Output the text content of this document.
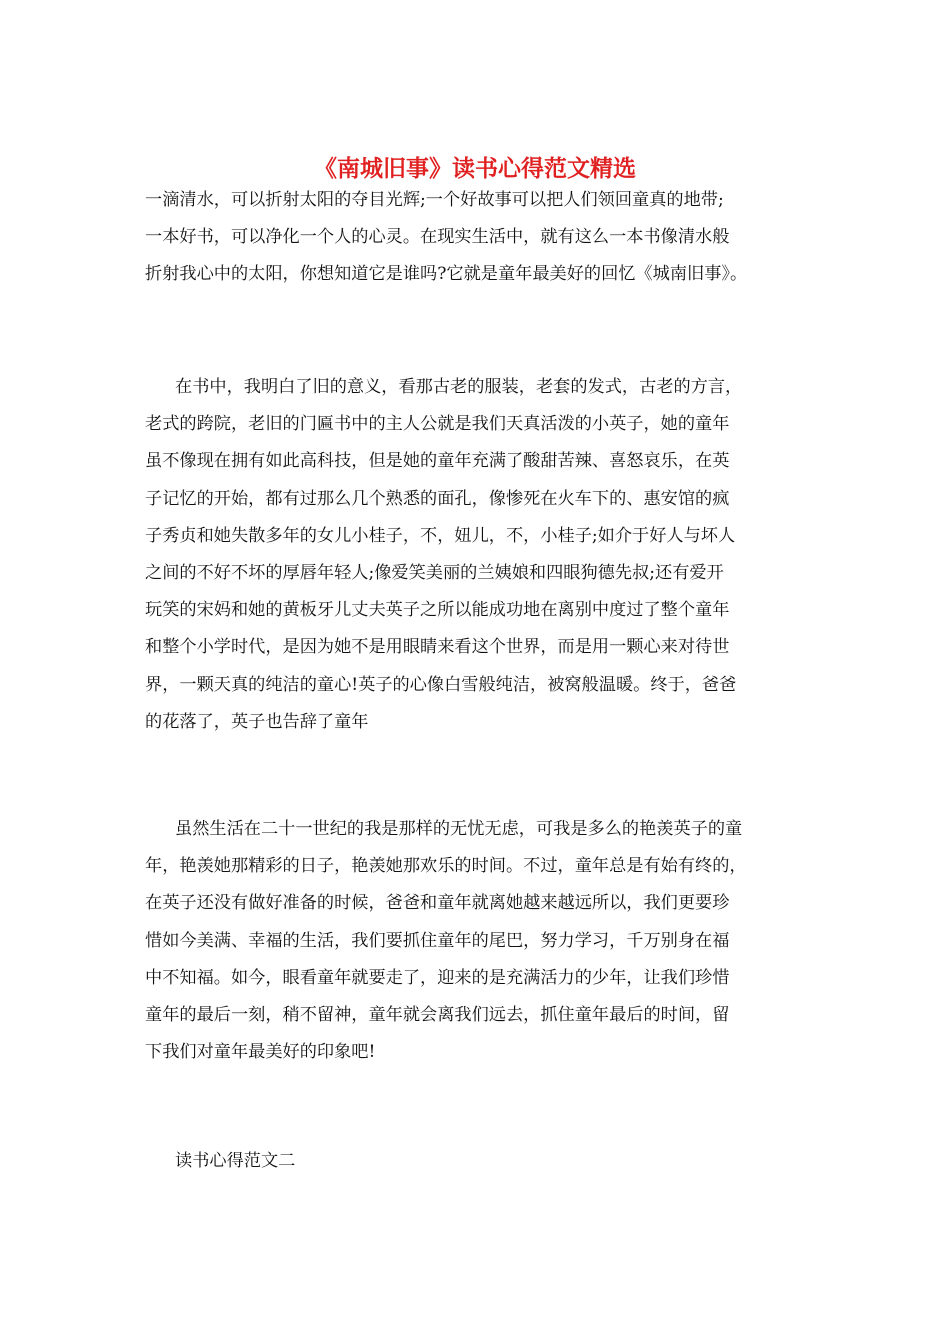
《南城旧事》读书心得范文精选
一滴清水，可以折射太阳的夺目光辉;一个好故事可以把人们领回童真的地带;
一本好书，可以净化一个人的心灵。在现实生活中，就有这么一本书像清水般
折射我心中的太阳，你想知道它是谁吗?它就是童年最美好的回忆《城南旧事》。
在书中，我明白了旧的意义，看那古老的服装，老套的发式，古老的方言，
老式的跨院，老旧的门匾书中的主人公就是我们天真活泼的小英子，她的童年
虽不像现在拥有如此高科技，但是她的童年充满了酸甜苦辣、喜怒哀乐，在英
子记忆的开始，都有过那么几个熟悉的面孔，像惨死在火车下的、惠安馆的疯
子秀贞和她失散多年的女儿小桂子，不，妞儿，不，小桂子;如介于好人与坏人
之间的不好不坏的厚唇年轻人;像爱笑美丽的兰姨娘和四眼狗德先叔;还有爱开
玩笑的宋妈和她的黄板牙儿丈夫英子之所以能成功地在离别中度过了整个童年
和整个小学时代，是因为她不是用眼睛来看这个世界，而是用一颗心来对待世
界，一颗天真的纯洁的童心!英子的心像白雪般纯洁，被窝般温暖。终于，爸爸
的花落了，英子也告辞了童年
虽然生活在二十一世纪的我是那样的无忧无虑，可我是多么的艳羡英子的童
年，艳羡她那精彩的日子，艳羡她那欢乐的时间。不过，童年总是有始有终的，
在英子还没有做好准备的时候，爸爸和童年就离她越来越远所以，我们更要珍
惜如今美满、幸福的生活，我们要抓住童年的尾巴，努力学习，千万别身在福
中不知福。如今，眼看童年就要走了，迎来的是充满活力的少年，让我们珍惜
童年的最后一刻，稍不留神，童年就会离我们远去，抓住童年最后的时间，留
下我们对童年最美好的印象吧!
读书心得范文二
